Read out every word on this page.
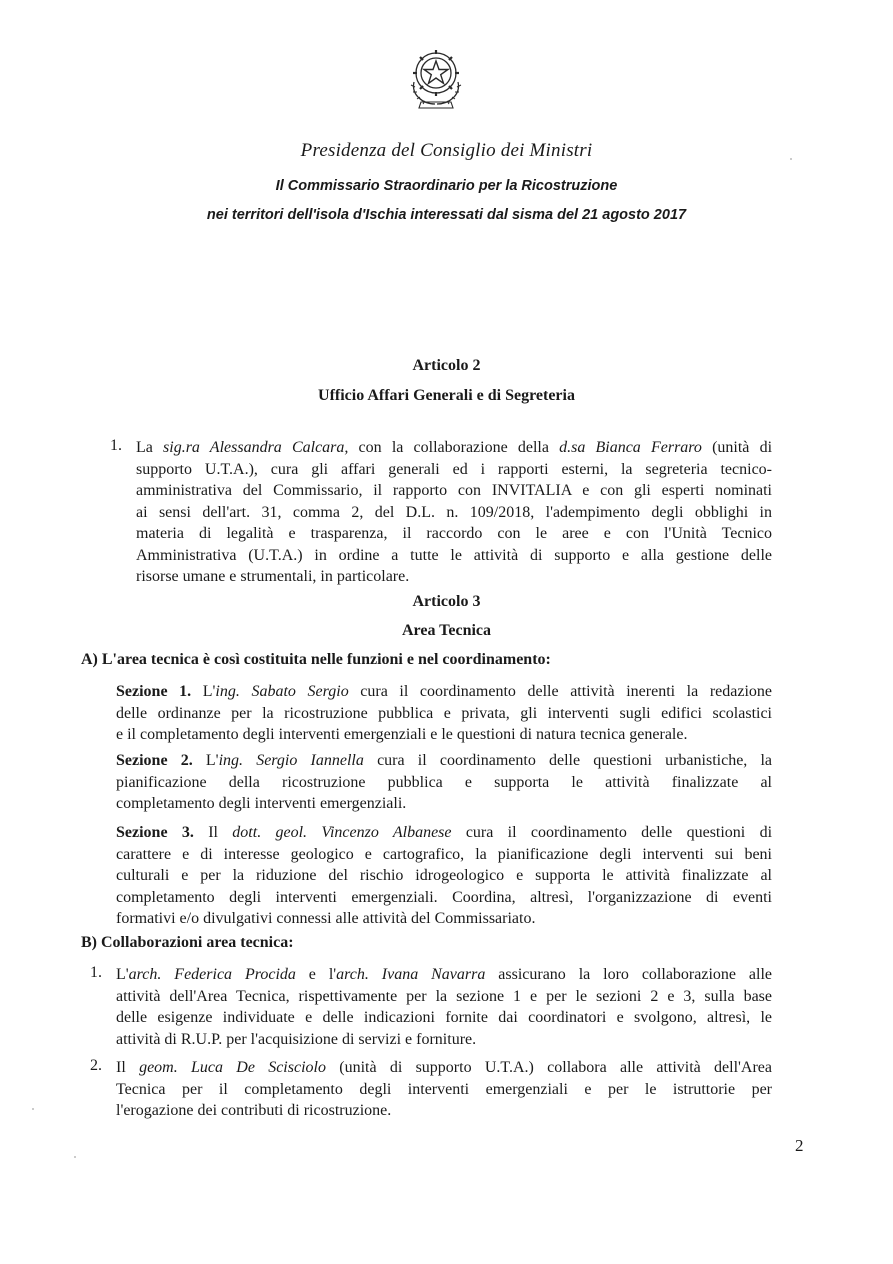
Presidenza del Consiglio dei Ministri
Il Commissario Straordinario per la Ricostruzione
nei territori dell'isola d'Ischia interessati dal sisma del 21 agosto 2017
Articolo 2
Ufficio Affari Generali e di Segreteria
1. La sig.ra Alessandra Calcara, con la collaborazione della d.sa Bianca Ferraro (unità di
supporto U.T.A.), cura gli affari generali ed i rapporti esterni, la segreteria tecnico-
amministrativa del Commissario, il rapporto con INVITALIA e con gli esperti nominati
ai sensi dell'art. 31, comma 2, del D.L. n. 109/2018, l'adempimento degli obblighi in
materia di legalità e trasparenza, il raccordo con le aree e con l'Unità Tecnico
Amministrativa (U.T.A.) in ordine a tutte le attività di supporto e alla gestione delle
risorse umane e strumentali, in particolare.
Articolo 3
Area Tecnica
A) L'area tecnica è così costituita nelle funzioni e nel coordinamento:
Sezione 1. L'ing. Sabato Sergio cura il coordinamento delle attività inerenti la redazione
delle ordinanze per la ricostruzione pubblica e privata, gli interventi sugli edifici scolastici
e il completamento degli interventi emergenziali e le questioni di natura tecnica generale.
Sezione 2. L'ing. Sergio Iannella cura il coordinamento delle questioni urbanistiche, la
pianificazione della ricostruzione pubblica e supporta le attività finalizzate al
completamento degli interventi emergenziali.
Sezione 3. Il dott. geol. Vincenzo Albanese cura il coordinamento delle questioni di
carattere e di interesse geologico e cartografico, la pianificazione degli interventi sui beni
culturali e per la riduzione del rischio idrogeologico e supporta le attività finalizzate al
completamento degli interventi emergenziali. Coordina, altresì, l'organizzazione di eventi
formativi e/o divulgativi connessi alle attività del Commissariato.
B) Collaborazioni area tecnica:
1. L'arch. Federica Procida e l'arch. Ivana Navarra assicurano la loro collaborazione alle
attività dell'Area Tecnica, rispettivamente per la sezione 1 e per le sezioni 2 e 3, sulla base
delle esigenze individuate e delle indicazioni fornite dai coordinatori e svolgono, altresì, le
attività di R.U.P. per l'acquisizione di servizi e forniture.
2. Il geom. Luca De Scisciolo (unità di supporto U.T.A.) collabora alle attività dell'Area
Tecnica per il completamento degli interventi emergenziali e per le istruttorie per
l'erogazione dei contributi di ricostruzione.
2
